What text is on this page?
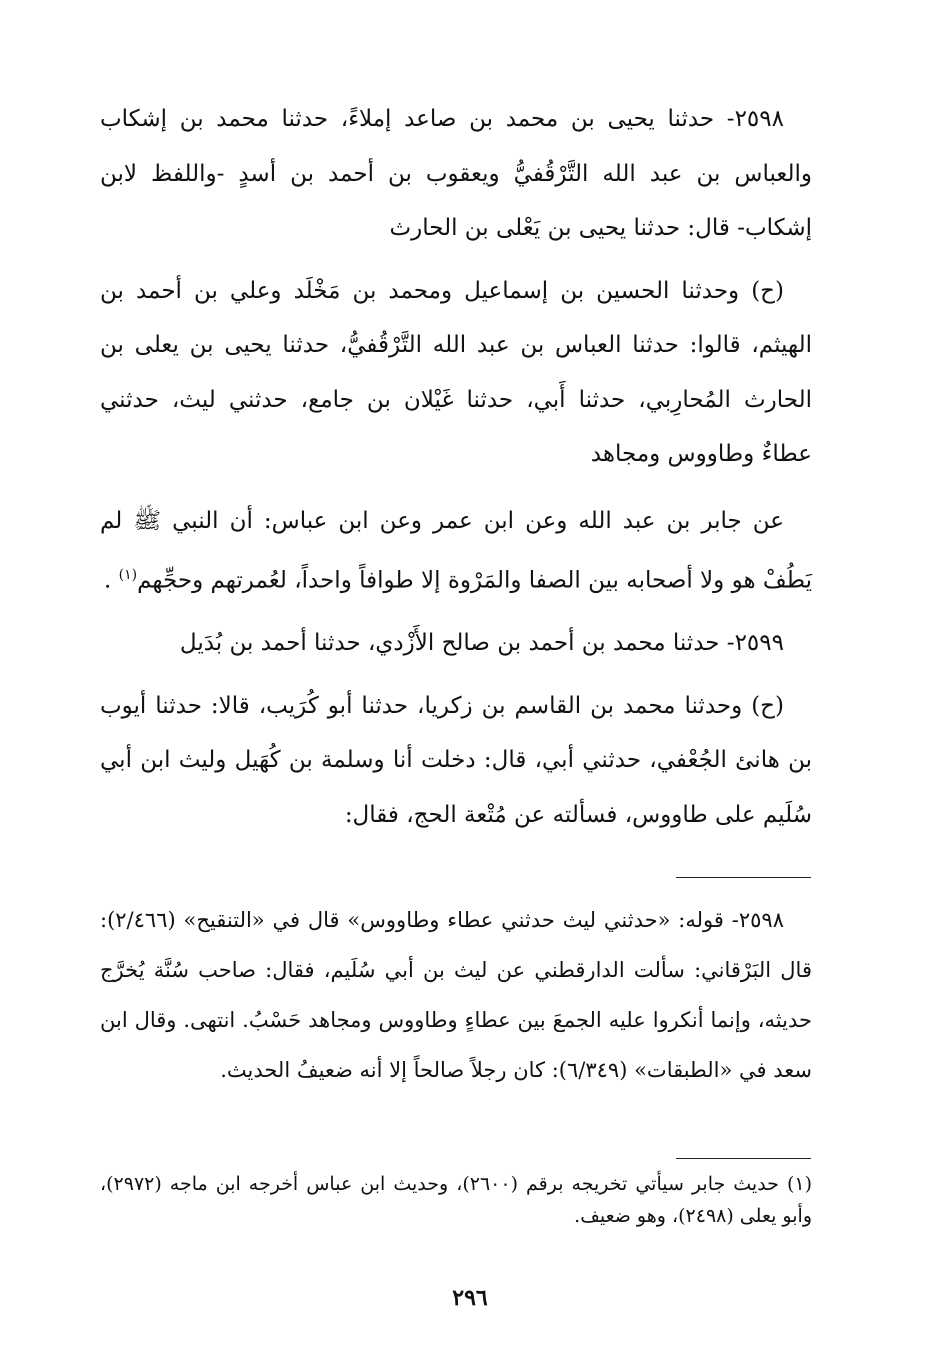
٢٥٩٨- حدثنا يحيى بن محمد بن صاعد إملاءً، حدثنا محمد بن إشكاب والعباس بن عبد الله التَّرْقُفيُّ ويعقوب بن أحمد بن أسدٍ -واللفظ لابن إشكاب- قال: حدثنا يحيى بن يَعْلى بن الحارث

(ح) وحدثنا الحسين بن إسماعيل ومحمد بن مَخْلَد وعلي بن أحمد بن الهيثم، قالوا: حدثنا العباس بن عبد الله التَّرْقُفيُّ، حدثنا يحيى بن يعلى بن الحارث المُحارِبي، حدثنا أَبي، حدثنا غَيْلان بن جامع، حدثني ليث، حدثني عطاءٌ وطاووس ومجاهد

عن جابر بن عبد الله وعن ابن عمر وعن ابن عباس: أن النبي ﷺ لم يَطُفْ هو ولا أصحابه بين الصفا والمَرْوة إلا طوافاً واحداً، لعُمرتهم وحجِّهم$^{(١)}$ .

٢٥٩٩- حدثنا محمد بن أحمد بن صالح الأَزْدي، حدثنا أحمد بن بُدَيل

(ح) وحدثنا محمد بن القاسم بن زكريا، حدثنا أبو كُرَيب، قالا: حدثنا أيوب بن هانئ الجُعْفي، حدثني أبي، قال: دخلت أنا وسلمة بن كُهَيل وليث ابن أبي سُلَيم على طاووس، فسألته عن مُتْعة الحج، فقال:

٢٥٩٨- قوله: «حدثني ليث حدثني عطاء وطاووس» قال في «التنقيح» (٢/٤٦٦): قال البَرْقاني: سألت الدارقطني عن ليث بن أبي سُلَيم، فقال: صاحب سُنَّة يُخرَّج حديثه، وإنما أنكروا عليه الجمعَ بين عطاءٍ وطاووس ومجاهد حَسْبُ. انتهى. وقال ابن سعد في «الطبقات» (٦/٣٤٩): كان رجلاً صالحاً إلا أنه ضعيفُ الحديث.

(١) حديث جابر سيأتي تخريجه برقم (٢٦٠٠)، وحديث ابن عباس أخرجه ابن ماجه (٢٩٧٢)، وأبو يعلى (٢٤٩٨)، وهو ضعيف.

٢٩٦
